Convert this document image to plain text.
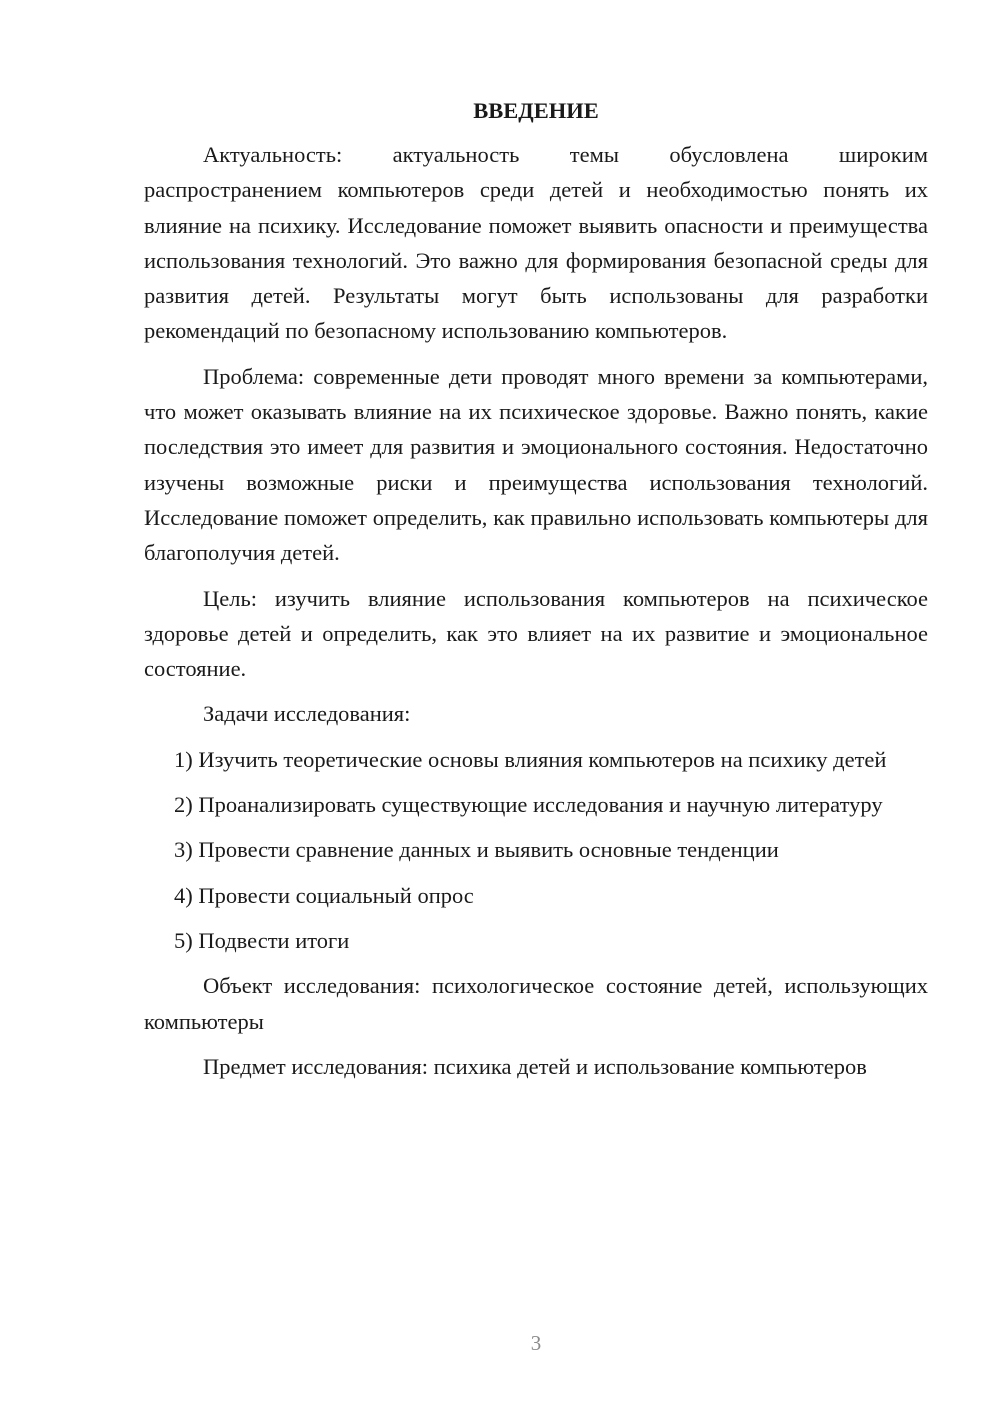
ВВЕДЕНИЕ

Актуальность: актуальность темы обусловлена широким распространением компьютеров среди детей и необходимостью понять их влияние на психику. Исследование поможет выявить опасности и преимущества использования технологий. Это важно для формирования безопасной среды для развития детей. Результаты могут быть использованы для разработки рекомендаций по безопасному использованию компьютеров.

Проблема: современные дети проводят много времени за компьютерами, что может оказывать влияние на их психическое здоровье. Важно понять, какие последствия это имеет для развития и эмоционального состояния. Недостаточно изучены возможные риски и преимущества использования технологий. Исследование поможет определить, как правильно использовать компьютеры для благополучия детей.

Цель: изучить влияние использования компьютеров на психическое здоровье детей и определить, как это влияет на их развитие и эмоциональное состояние.

Задачи исследования:

1) Изучить теоретические основы влияния компьютеров на психику детей

2) Проанализировать существующие исследования и научную литературу

3) Провести сравнение данных и выявить основные тенденции

4) Провести социальный опрос

5) Подвести итоги

Объект исследования: психологическое состояние детей, использующих компьютеры

Предмет исследования: психика детей и использование компьютеров

3
